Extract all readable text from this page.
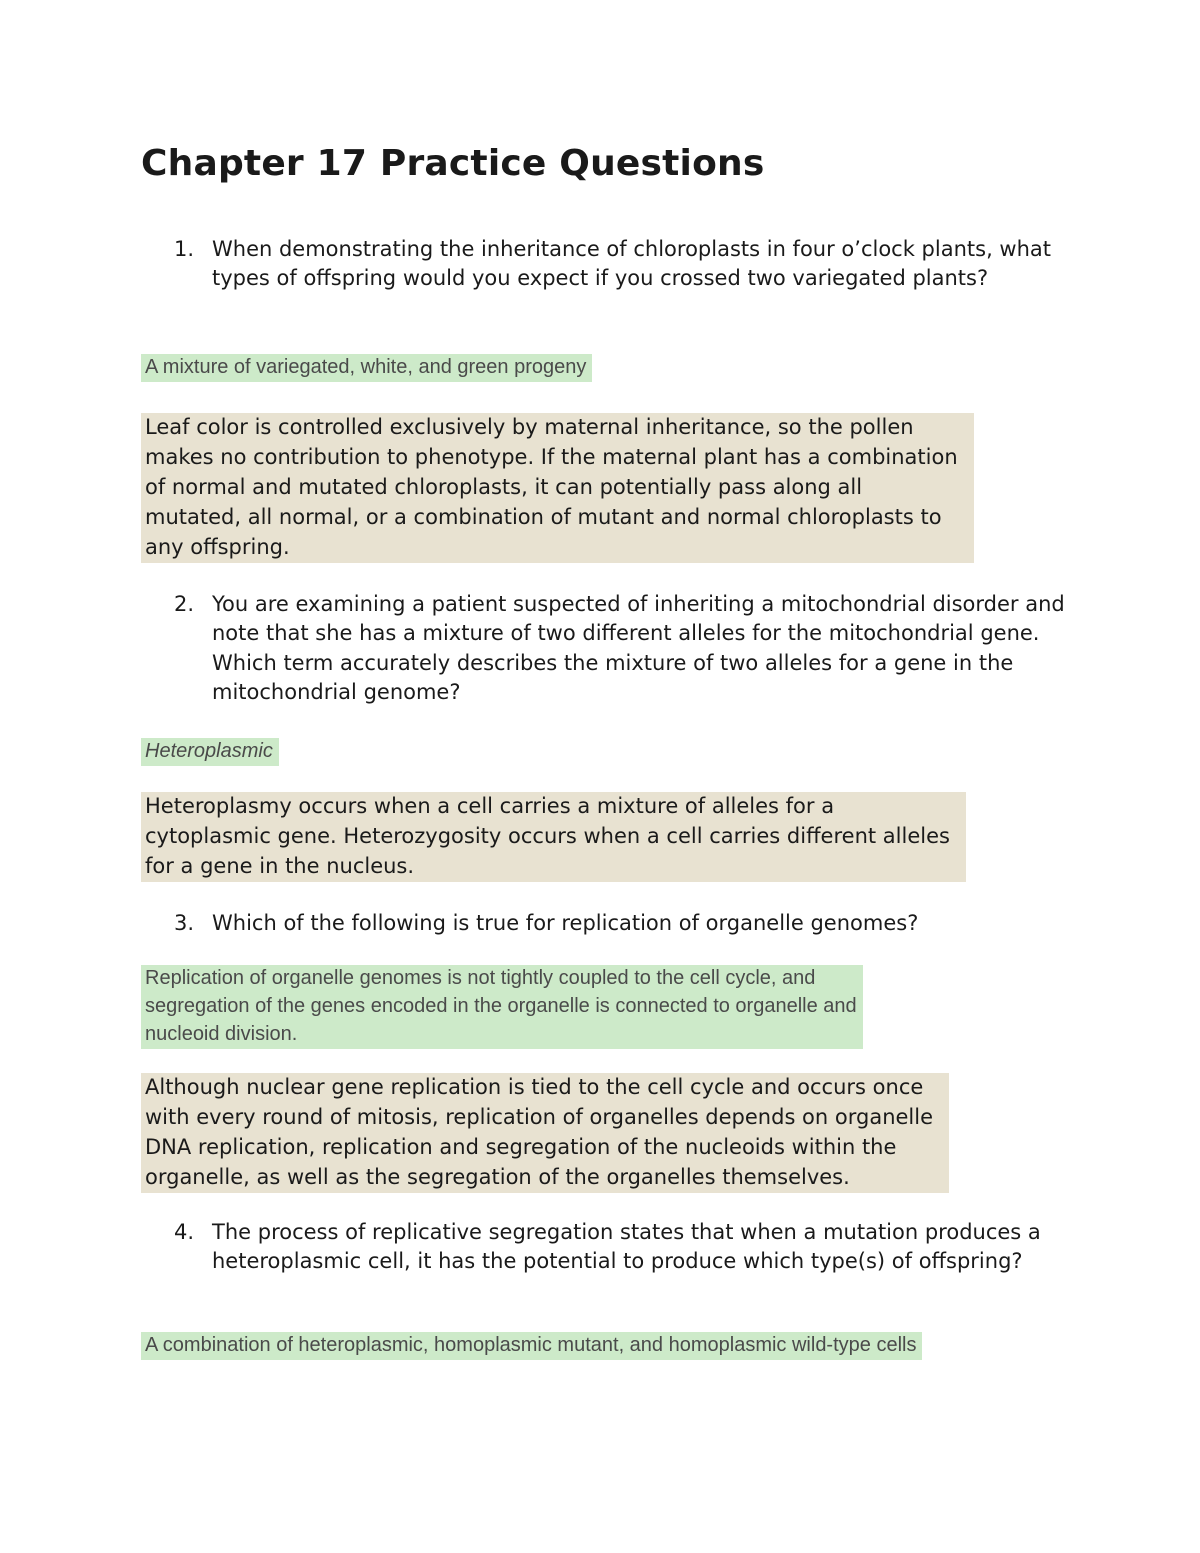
Chapter 17 Practice Questions
1. When demonstrating the inheritance of chloroplasts in four o’clock plants, what types of offspring would you expect if you crossed two variegated plants?
A mixture of variegated, white, and green progeny
Leaf color is controlled exclusively by maternal inheritance, so the pollen
makes no contribution to phenotype. If the maternal plant has a combination
of normal and mutated chloroplasts, it can potentially pass along all
mutated, all normal, or a combination of mutant and normal chloroplasts to
any offspring.
2. You are examining a patient suspected of inheriting a mitochondrial disorder and note that she has a mixture of two different alleles for the mitochondrial gene. Which term accurately describes the mixture of two alleles for a gene in the mitochondrial genome?
Heteroplasmic
Heteroplasmy occurs when a cell carries a mixture of alleles for a
cytoplasmic gene. Heterozygosity occurs when a cell carries different alleles
for a gene in the nucleus.
3. Which of the following is true for replication of organelle genomes?
Replication of organelle genomes is not tightly coupled to the cell cycle, and
segregation of the genes encoded in the organelle is connected to organelle and
nucleoid division.
Although nuclear gene replication is tied to the cell cycle and occurs once
with every round of mitosis, replication of organelles depends on organelle
DNA replication, replication and segregation of the nucleoids within the
organelle, as well as the segregation of the organelles themselves.
4. The process of replicative segregation states that when a mutation produces a heteroplasmic cell, it has the potential to produce which type(s) of offspring?
A combination of heteroplasmic, homoplasmic mutant, and homoplasmic wild-type cells
